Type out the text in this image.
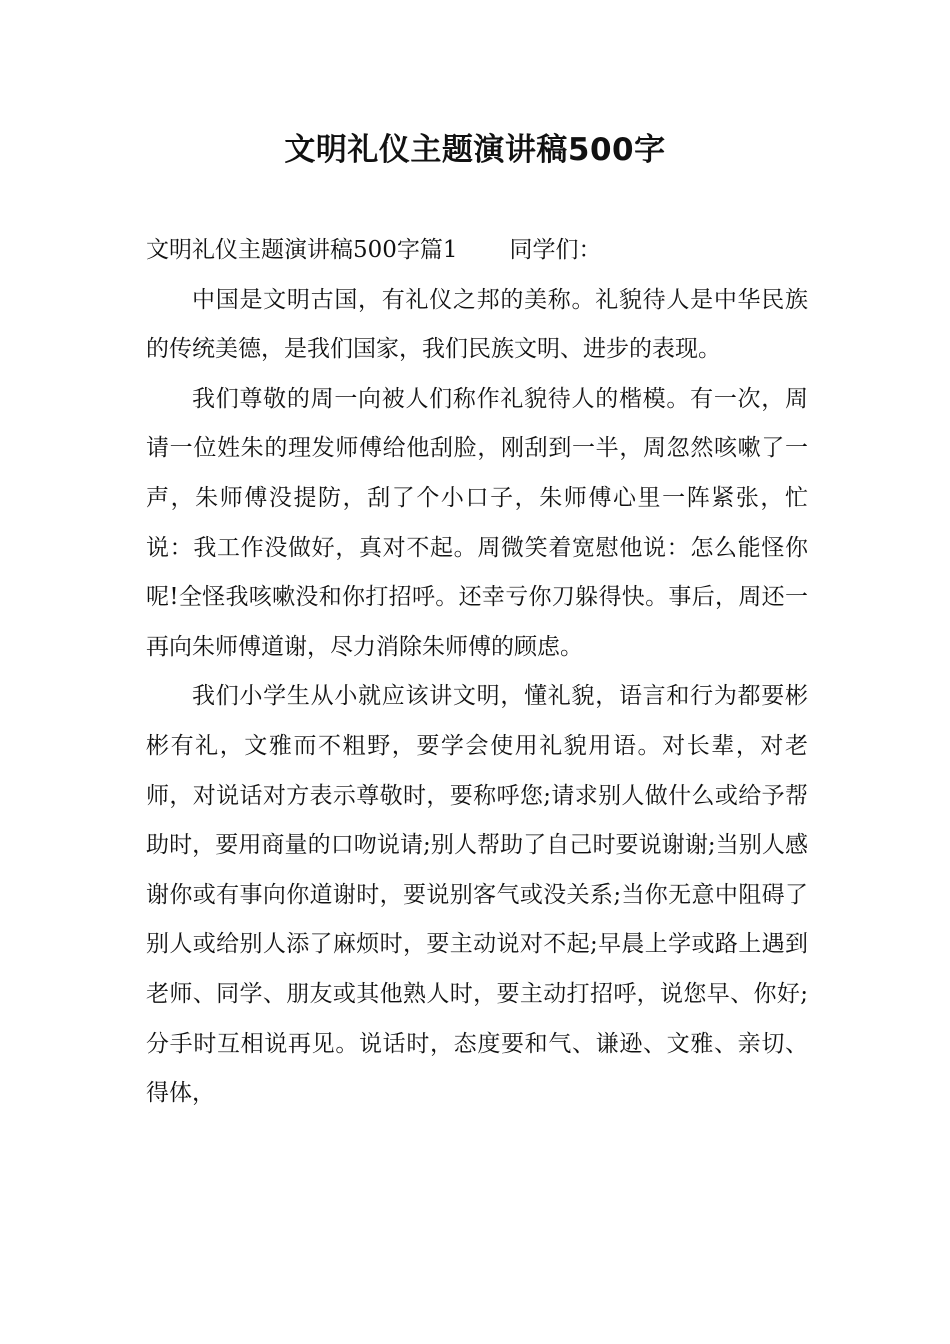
文明礼仪主题演讲稿500字

文明礼仪主题演讲稿500字篇1 同学们：

中国是文明古国，有礼仪之邦的美称。礼貌待人是中华民族的传统美德，是我们国家，我们民族文明、进步的表现。

我们尊敬的周一向被人们称作礼貌待人的楷模。有一次，周请一位姓朱的理发师傅给他刮脸，刚刮到一半，周忽然咳嗽了一声，朱师傅没提防，刮了个小口子，朱师傅心里一阵紧张，忙说：我工作没做好，真对不起。周微笑着宽慰他说：怎么能怪你呢!全怪我咳嗽没和你打招呼。还幸亏你刀躲得快。事后，周还一再向朱师傅道谢，尽力消除朱师傅的顾虑。

我们小学生从小就应该讲文明，懂礼貌，语言和行为都要彬彬有礼，文雅而不粗野，要学会使用礼貌用语。对长辈，对老师，对说话对方表示尊敬时，要称呼您;请求别人做什么或给予帮助时，要用商量的口吻说请;别人帮助了自己时要说谢谢;当别人感谢你或有事向你道谢时，要说别客气或没关系;当你无意中阻碍了别人或给别人添了麻烦时，要主动说对不起;早晨上学或路上遇到老师、同学、朋友或其他熟人时，要主动打招呼，说您早、你好;分手时互相说再见。说话时，态度要和气、谦逊、文雅、亲切、得体，
